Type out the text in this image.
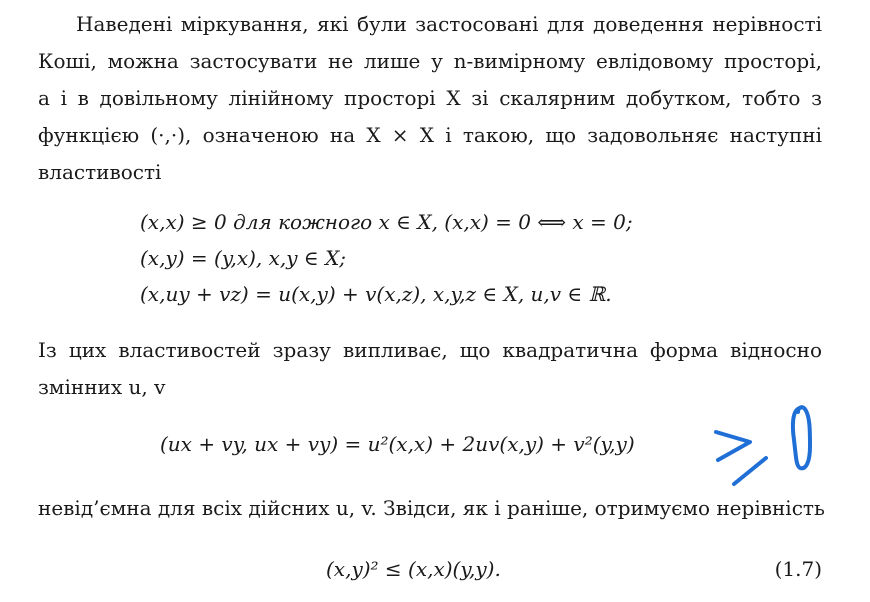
Наведені міркування, які були застосовані для доведення нерівності
Коші, можна застосувати не лише у n-вимірному евлідовому просторі,
а і в довільному лінійному просторі X зі скалярним добутком, тобто з
функцією (·,·), означеною на X × X і такою, що задовольняє наступні
властивості
(x,x) ≥ 0 для кожного x ∈ X, (x,x) = 0 ⟺ x = 0;
(x,y) = (y,x), x,y ∈ X;
(x,uy + vz) = u(x,y) + v(x,z), x,y,z ∈ X, u,v ∈ ℝ.
Із цих властивостей зразу випливає, що квадратична форма відносно
змінних u, v
(ux + vy, ux + vy) = u²(x,x) + 2uv(x,y) + v²(y,y)
невід’ємна для всіх дійсних u, v. Звідси, як і раніше, отримуємо нерівність
(x,y)² ≤ (x,x)(y,y).	(1.7)
